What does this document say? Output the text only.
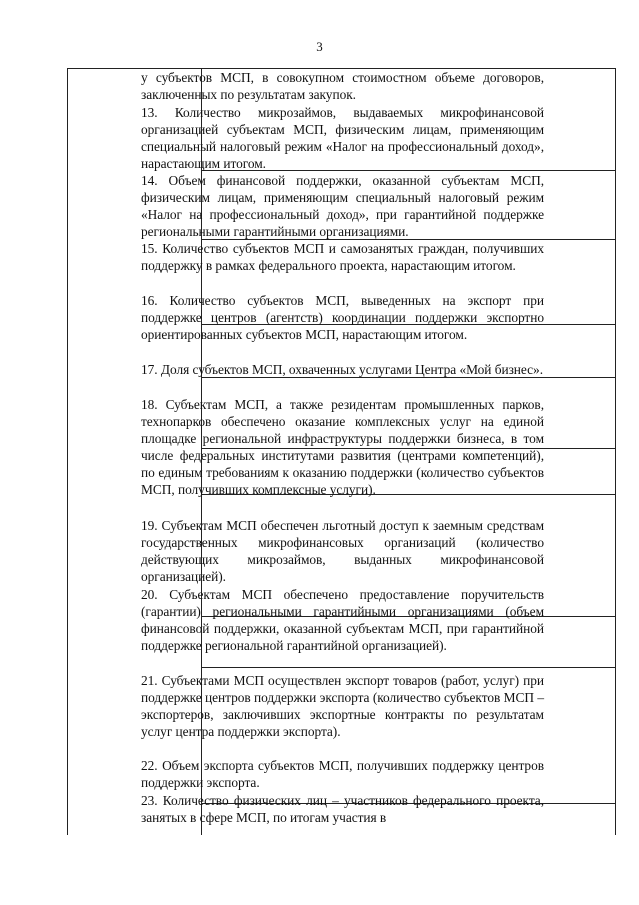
3

у субъектов МСП, в совокупном стоимостном объеме договоров, заключенных по результатам закупок.

13. Количество микрозаймов, выдаваемых микрофинансовой организацией субъектам МСП, физическим лицам, применяющим специальный налоговый режим «Налог на профессиональный доход», нарастающим итогом.

14. Объем финансовой поддержки, оказанной субъектам МСП, физическим лицам, применяющим специальный налоговый режим «Налог на профессиональный доход», при гарантийной поддержке региональными гарантийными организациями.

15. Количество субъектов МСП и самозанятых граждан, получивших поддержку в рамках федерального проекта, нарастающим итогом.

16. Количество субъектов МСП, выведенных на экспорт при поддержке центров (агентств) координации поддержки экспортно ориентированных субъектов МСП, нарастающим итогом.

17. Доля субъектов МСП, охваченных услугами Центра «Мой бизнес».

18. Субъектам МСП, а также резидентам промышленных парков, технопарков обеспечено оказание комплексных услуг на единой площадке региональной инфраструктуры поддержки бизнеса, в том числе федеральных институтами развития (центрами компетенций), по единым требованиям к оказанию поддержки (количество субъектов МСП, получивших комплексные услуги).

19. Субъектам МСП обеспечен льготный доступ к заемным средствам государственных микрофинансовых организаций (количество действующих микрозаймов, выданных микрофинансовой организацией).

20. Субъектам МСП обеспечено предоставление поручительств (гарантии) региональными гарантийными организациями (объем финансовой поддержки, оказанной субъектам МСП, при гарантийной поддержке региональной гарантийной организацией).

21. Субъектами МСП осуществлен экспорт товаров (работ, услуг) при поддержке центров поддержки экспорта (количество субъектов МСП – экспортеров, заключивших экспортные контракты по результатам услуг центра поддержки экспорта).

22. Объем экспорта субъектов МСП, получивших поддержку центров поддержки экспорта.

23. Количество физических лиц – участников федерального проекта, занятых в сфере МСП, по итогам участия в
